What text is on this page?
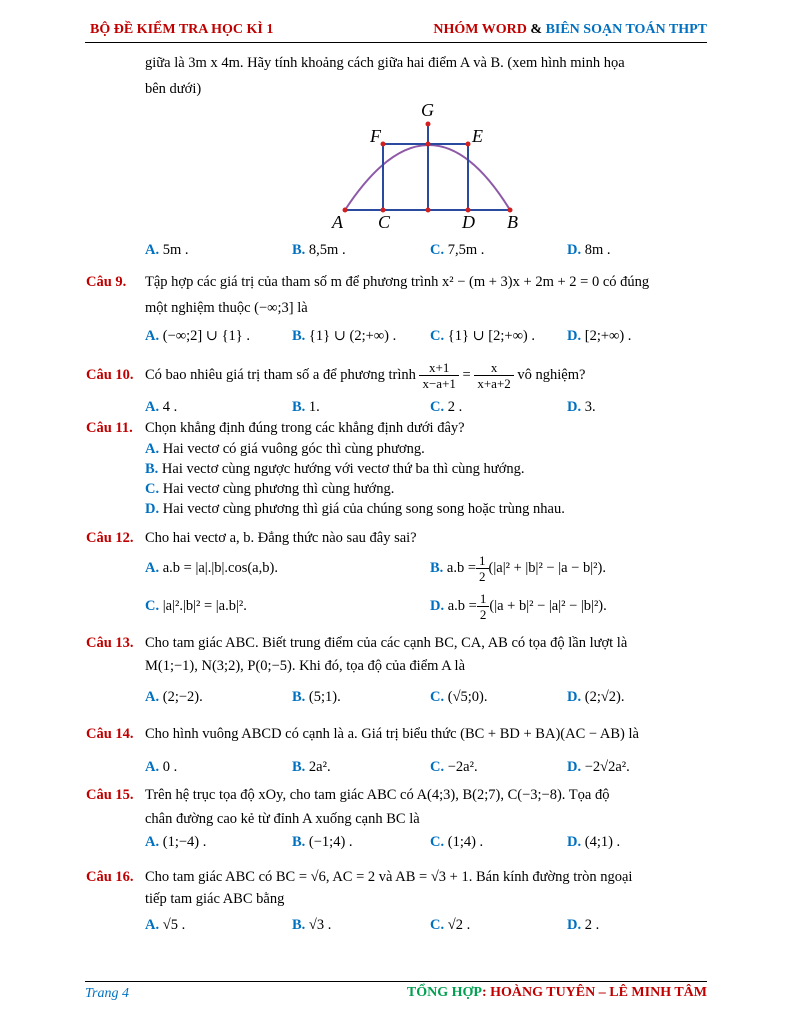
BỘ ĐỀ KIỂM TRA HỌC KÌ 1	NHÓM WORD & BIÊN SOẠN TOÁN THPT
giữa là 3m x 4m. Hãy tính khoảng cách giữa hai điểm A và B. (xem hình minh họa
bên dưới)
G
F	E
A C	D B
A. 5m .	B. 8,5m .	C. 7,5m .	D. 8m .
Câu 9. Tập hợp các giá trị của tham số m để phương trình x² − (m + 3)x + 2m + 2 = 0 có đúng
một nghiệm thuộc (−∞;3] là
A. (−∞;2] ∪ {1} .	B. {1} ∪ (2;+∞) . C. {1} ∪ [2;+∞) . D. [2;+∞) .
Câu 10. Có bao nhiêu giá trị tham số a để phương trình $\frac{x+1}{x-a+1} = \frac{x}{x+a+2}$ vô nghiệm?
A. 4 .	B. 1.	C. 2 .	D. 3.
Câu 11. Chọn khẳng định đúng trong các khẳng định dưới đây?
A. Hai vectơ có giá vuông góc thì cùng phương.
B. Hai vectơ cùng ngược hướng với vectơ thứ ba thì cùng hướng.
C. Hai vectơ cùng phương thì cùng hướng.
D. Hai vectơ cùng phương thì giá của chúng song song hoặc trùng nhau.
Câu 12. Cho hai vectơ a, b. Đẳng thức nào sau đây sai?
A. a.b = |a|.|b|.cos(a,b).	B. $a.b = \frac{1}{2} (|a|^2 + |b|^2 - |a - b|^2)$.
C. |a|².|b|² = |a.b|².	D. $a.b = \frac{1}{2} (|a + b|^2 - |a|^2 - |b|^2)$.
Câu 13. Cho tam giác ABC. Biết trung điểm của các cạnh BC, CA, AB có tọa độ lần lượt là
M(1;−1), N(3;2), P(0;−5). Khi đó, tọa độ của điểm A là
A. (2;−2).	B. (5;1).	C. (√5;0).	D. (2;√2).
Câu 14. Cho hình vuông ABCD có cạnh là a. Giá trị biểu thức (BC + BD + BA)(AC − AB) là
A. 0 .	B. 2a².	C. −2a².	D. −2√2a².
Câu 15. Trên hệ trục tọa độ xOy, cho tam giác ABC có A(4;3), B(2;7), C(−3;−8). Tọa độ
chân đường cao kẻ từ đỉnh A xuống cạnh BC là
A. (1;−4) .	B. (−1;4) .	C. (1;4) .	D. (4;1) .
Câu 16. Cho tam giác ABC có BC = √6, AC = 2 và AB = √3 + 1. Bán kính đường tròn ngoại
tiếp tam giác ABC bằng
A. √5 .	B. √3 .	C. √2 .	D. 2 .
Trang 4	TỔNG HỢP: HOÀNG TUYÊN – LÊ MINH TÂM
